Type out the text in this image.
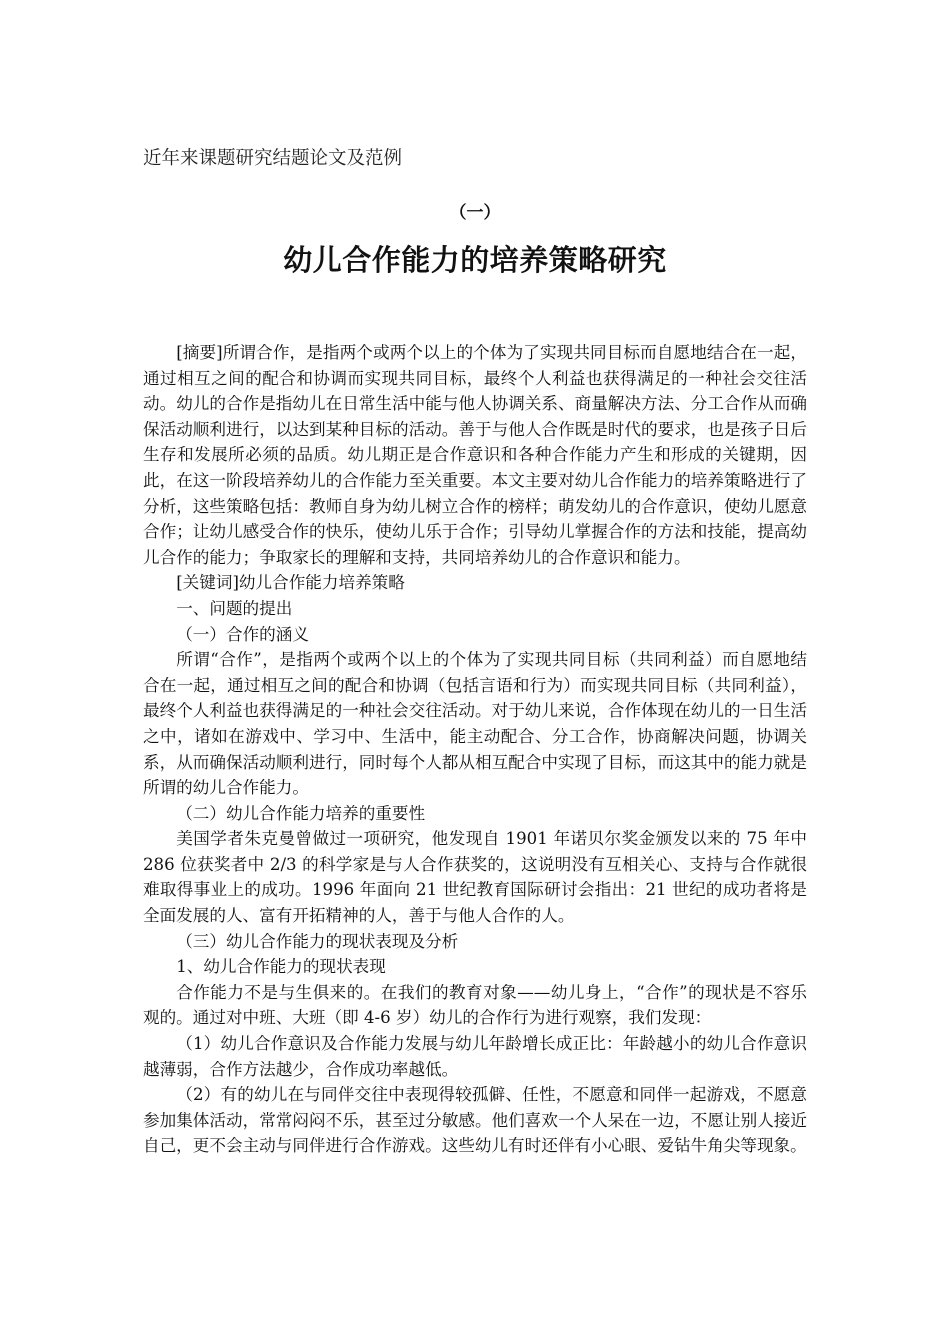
近年来课题研究结题论文及范例
（一）
幼儿合作能力的培养策略研究

[摘要]所谓合作，是指两个或两个以上的个体为了实现共同目标而自愿地结合在一起，通过相互之间的配合和协调而实现共同目标，最终个人利益也获得满足的一种社会交往活动。幼儿的合作是指幼儿在日常生活中能与他人协调关系、商量解决方法、分工合作从而确保活动顺利进行，以达到某种目标的活动。善于与他人合作既是时代的要求，也是孩子日后生存和发展所必须的品质。幼儿期正是合作意识和各种合作能力产生和形成的关键期，因此，在这一阶段培养幼儿的合作能力至关重要。本文主要对幼儿合作能力的培养策略进行了分析，这些策略包括：教师自身为幼儿树立合作的榜样；萌发幼儿的合作意识，使幼儿愿意合作；让幼儿感受合作的快乐，使幼儿乐于合作；引导幼儿掌握合作的方法和技能，提高幼儿合作的能力；争取家长的理解和支持，共同培养幼儿的合作意识和能力。

[关键词]幼儿合作能力培养策略

一、问题的提出

（一）合作的涵义

所谓“合作”，是指两个或两个以上的个体为了实现共同目标（共同利益）而自愿地结合在一起，通过相互之间的配合和协调（包括言语和行为）而实现共同目标（共同利益），最终个人利益也获得满足的一种社会交往活动。对于幼儿来说，合作体现在幼儿的一日生活之中，诸如在游戏中、学习中、生活中，能主动配合、分工合作，协商解决问题，协调关系，从而确保活动顺利进行，同时每个人都从相互配合中实现了目标，而这其中的能力就是所谓的幼儿合作能力。

（二）幼儿合作能力培养的重要性

美国学者朱克曼曾做过一项研究，他发现自 1901 年诺贝尔奖金颁发以来的 75 年中 286 位获奖者中 2/3 的科学家是与人合作获奖的，这说明没有互相关心、支持与合作就很难取得事业上的成功。1996 年面向 21 世纪教育国际研讨会指出：21 世纪的成功者将是全面发展的人、富有开拓精神的人，善于与他人合作的人。

（三）幼儿合作能力的现状表现及分析

1、幼儿合作能力的现状表现

合作能力不是与生俱来的。在我们的教育对象——幼儿身上，“合作”的现状是不容乐观的。通过对中班、大班（即 4-6 岁）幼儿的合作行为进行观察，我们发现：

（1）幼儿合作意识及合作能力发展与幼儿年龄增长成正比：年龄越小的幼儿合作意识越薄弱，合作方法越少，合作成功率越低。

（2）有的幼儿在与同伴交往中表现得较孤僻、任性，不愿意和同伴一起游戏，不愿意参加集体活动，常常闷闷不乐，甚至过分敏感。他们喜欢一个人呆在一边，不愿让别人接近自己，更不会主动与同伴进行合作游戏。这些幼儿有时还伴有小心眼、爱钻牛角尖等现象。
